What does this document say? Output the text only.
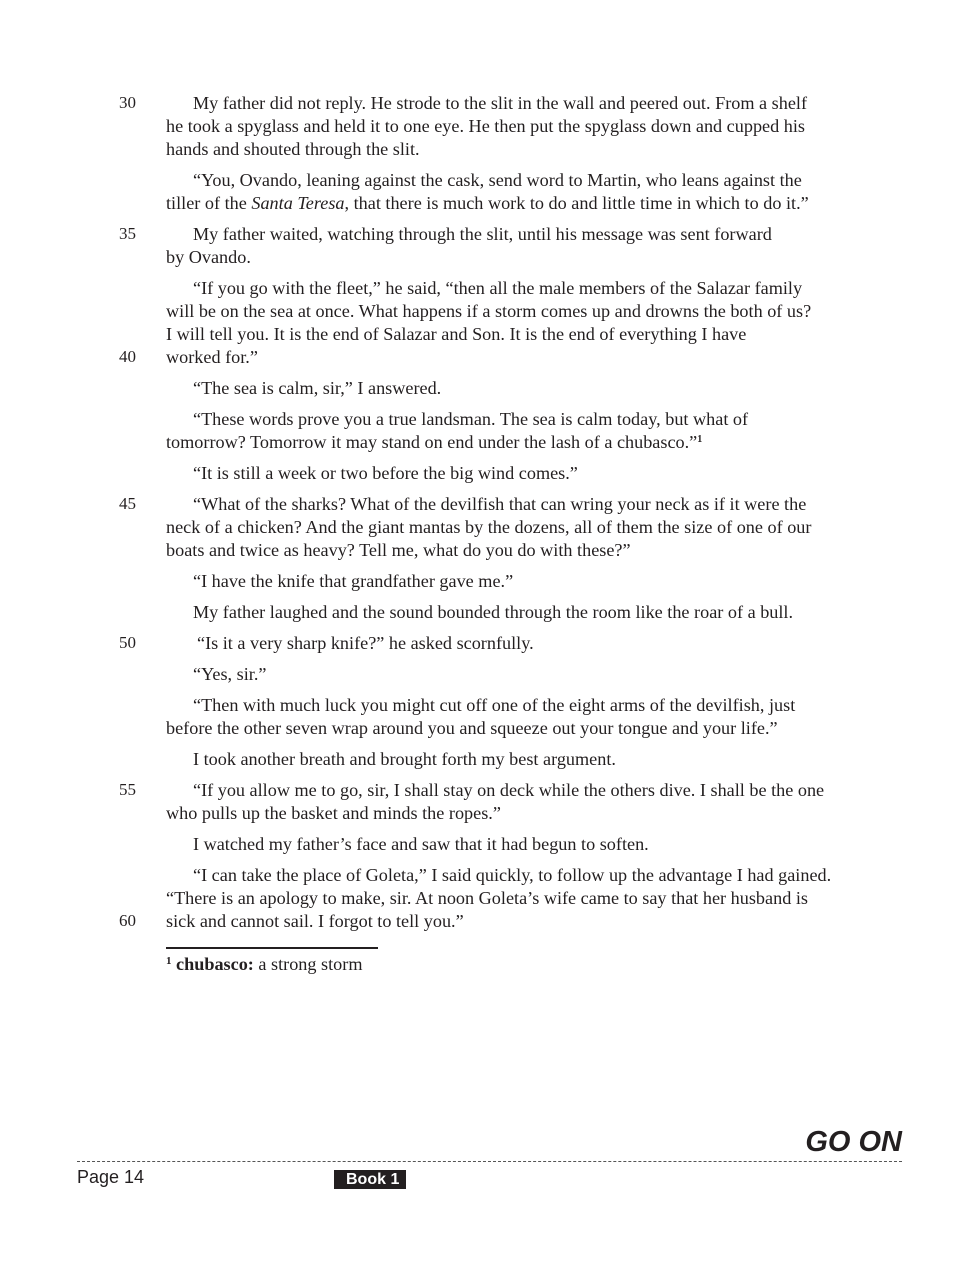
30
35
40
45
50
55
60
My father did not reply. He strode to the slit in the wall and peered out. From a shelf
he took a spyglass and held it to one eye. He then put the spyglass down and cupped his
hands and shouted through the slit.
“You, Ovando, leaning against the cask, send word to Martin, who leans against the
tiller of the Santa Teresa, that there is much work to do and little time in which to do it.”
My father waited, watching through the slit, until his message was sent forward
by Ovando.
“If you go with the fleet,” he said, “then all the male members of the Salazar family
will be on the sea at once. What happens if a storm comes up and drowns the both of us?
I will tell you. It is the end of Salazar and Son. It is the end of everything I have
worked for.”
“The sea is calm, sir,” I answered.
“These words prove you a true landsman. The sea is calm today, but what of
tomorrow? Tomorrow it may stand on end under the lash of a chubasco.”$^1$
“It is still a week or two before the big wind comes.”
“What of the sharks? What of the devilfish that can wring your neck as if it were the
neck of a chicken? And the giant mantas by the dozens, all of them the size of one of our
boats and twice as heavy? Tell me, what do you do with these?”
“I have the knife that grandfather gave me.”
My father laughed and the sound bounded through the room like the roar of a bull.
“Is it a very sharp knife?” he asked scornfully.
“Yes, sir.”
“Then with much luck you might cut off one of the eight arms of the devilfish, just
before the other seven wrap around you and squeeze out your tongue and your life.”
I took another breath and brought forth my best argument.
“If you allow me to go, sir, I shall stay on deck while the others dive. I shall be the one
who pulls up the basket and minds the ropes.”
I watched my father’s face and saw that it had begun to soften.
“I can take the place of Goleta,” I said quickly, to follow up the advantage I had gained.
“There is an apology to make, sir. At noon Goleta’s wife came to say that her husband is
sick and cannot sail. I forgot to tell you.”
$^1$ chubasco: a strong storm
GO ON
Page 14	Book 1
